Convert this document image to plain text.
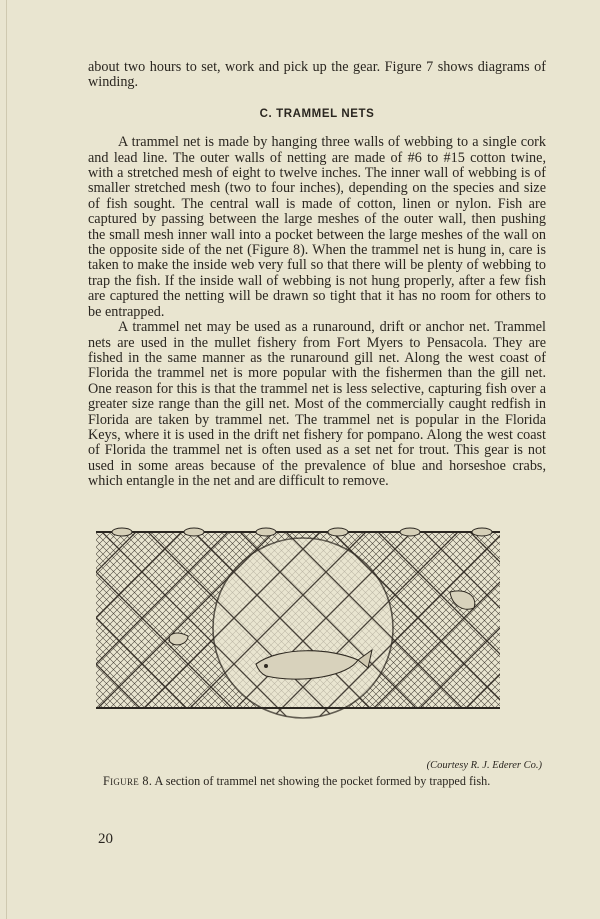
about two hours to set, work and pick up the gear. Figure 7 shows diagrams of winding.

C. TRAMMEL NETS

A trammel net is made by hanging three walls of webbing to a single cork and lead line. The outer walls of netting are made of #6 to #15 cotton twine, with a stretched mesh of eight to twelve inches. The inner wall of webbing is of smaller stretched mesh (two to four inches), depending on the species and size of fish sought. The central wall is made of cotton, linen or nylon. Fish are captured by passing between the large meshes of the outer wall, then pushing the small mesh inner wall into a pocket between the large meshes of the wall on the opposite side of the net (Figure 8). When the trammel net is hung in, care is taken to make the inside web very full so that there will be plenty of webbing to trap the fish. If the inside wall of webbing is not hung properly, after a few fish are captured the netting will be drawn so tight that it has no room for others to be entrapped.

A trammel net may be used as a runaround, drift or anchor net. Trammel nets are used in the mullet fishery from Fort Myers to Pensacola. They are fished in the same manner as the runaround gill net. Along the west coast of Florida the trammel net is more popular with the fishermen than the gill net. One reason for this is that the trammel net is less selective, capturing fish over a greater size range than the gill net. Most of the commercially caught redfish in Florida are taken by trammel net. The trammel net is popular in the Florida Keys, where it is used in the drift net fishery for pompano. Along the west coast of Florida the trammel net is often used as a set net for trout. This gear is not used in some areas because of the prevalence of blue and horseshoe crabs, which entangle in the net and are difficult to remove.

(Courtesy R. J. Ederer Co.)
Figure 8. A section of trammel net showing the pocket formed by trapped fish.
20
